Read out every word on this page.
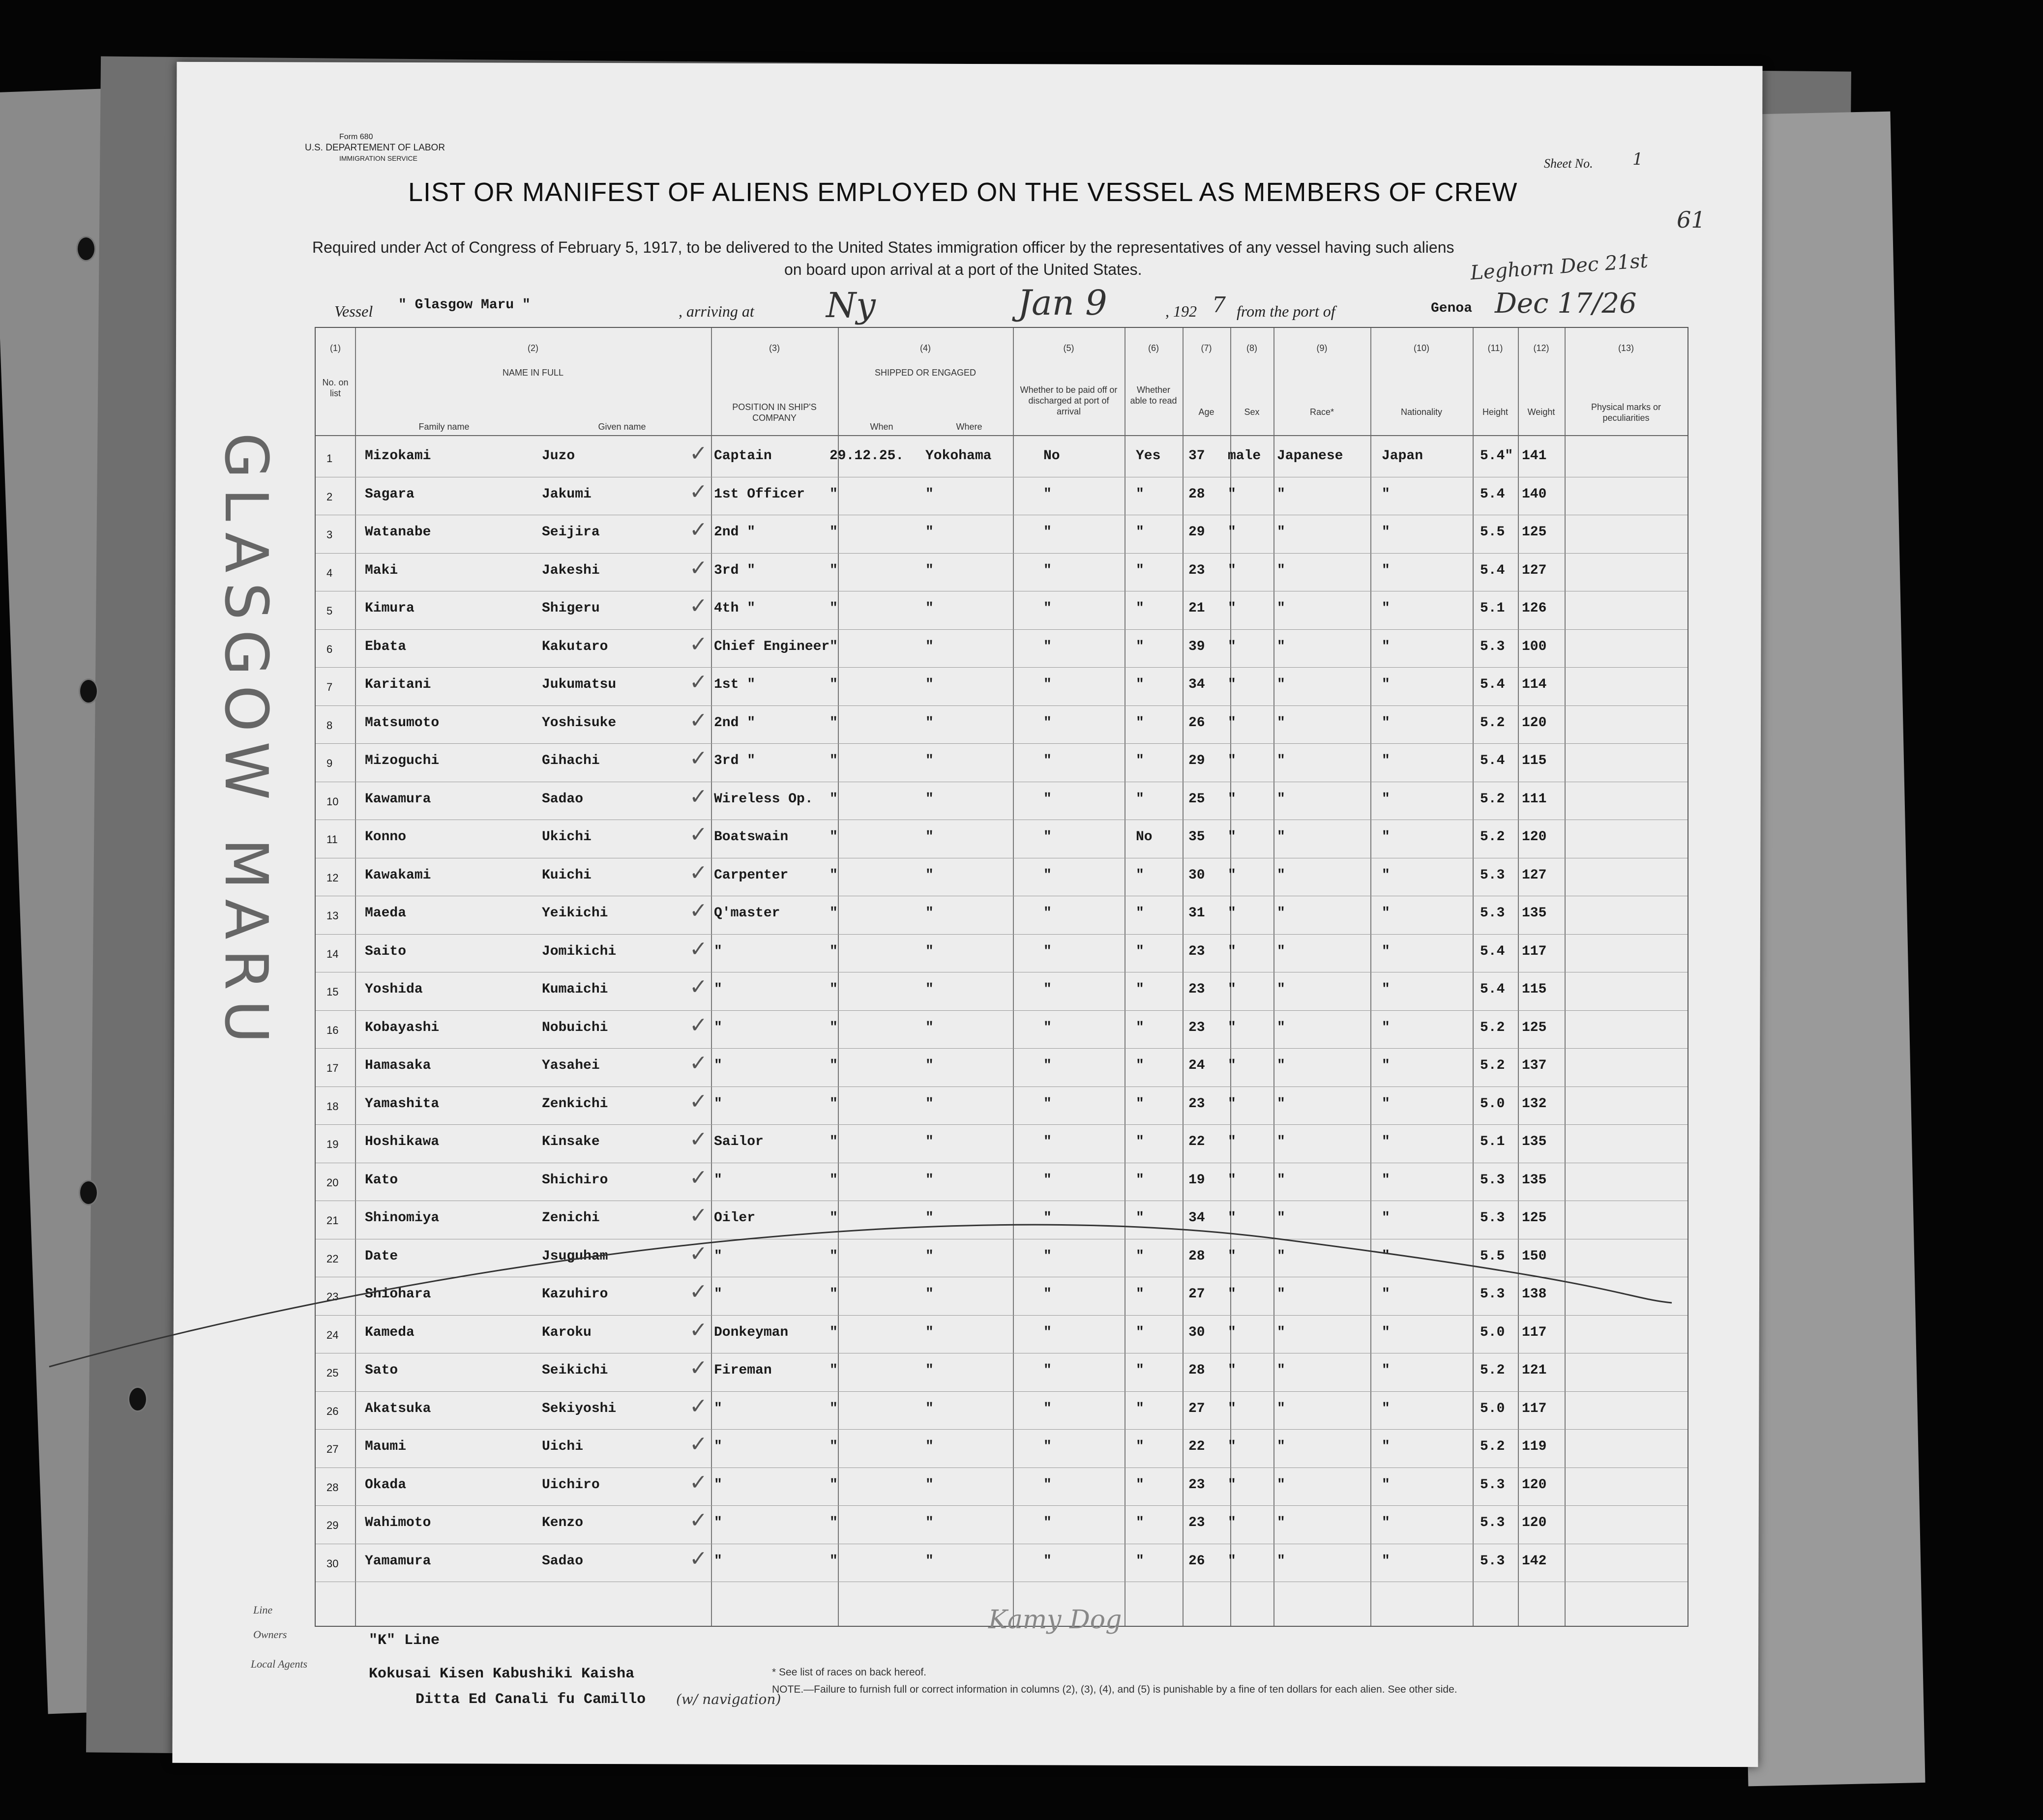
GLASGOW MARU
Form 680
U.S. DEPARTEMENT OF LABOR
IMMIGRATION SERVICE	Sheet No. 1
61
LIST OR MANIFEST OF ALIENS EMPLOYED ON THE VESSEL AS MEMBERS OF CREW
Required under Act of Congress of February 5, 1917, to be delivered to the United States immigration officer by the representatives of any vessel having such aliens
on board upon arrival at a port of the United States.
Vessel " Glasgow Maru "	, arriving at Ny	Jan 9	, 192 7 from the port of	Genoa Dec 17/26
Leghorn Dec 21st
(1)
No. on list
(2)
NAME IN FULL
Family name	Given name
(3)
POSITION IN SHIP'S COMPANY
(4)
SHIPPED OR ENGAGED
When	Where
(5)
Whether to be paid off or discharged at port of arrival
(6)
Whether able to read
(7)
Age
(8)
Sex
(9)
Race*
(10)
Nationality
(11)
Height
(12)
Weight
(13)
Physical marks or peculiarities
1 Mizokami	Juzo	Captain	29.12.25. Yokohama	No	Yes 37 male Japanese	Japan	5.4" 141
✓
2 Sagara	Jakumi	1st Officer "	"	"	"	28 "	"	"	5.4 140
✓
3 Watanabe	Seijira	2nd "	"	"	"	"	29 "	"	"	5.5 125
✓
4 Maki	Jakeshi	3rd "	"	"	"	"	23 "	"	"	5.4 127
✓
5 Kimura	Shigeru	4th "	"	"	"	"	21 "	"	"	5.1 126
✓
6 Ebata	Kakutaro	Chief Engineer "	"	"	"	39 "	"	"	5.3 100
✓
7 Karitani	Jukumatsu	1st "	"	"	"	"	34 "	"	"	5.4 114
✓
8 Matsumoto	Yoshisuke	2nd "	"	"	"	"	26 "	"	"	5.2 120
✓
9 Mizoguchi	Gihachi	3rd "	"	"	"	"	29 "	"	"	5.4 115
✓
10 Kawamura	Sadao	Wireless Op. "	"	"	"	25 "	"	"	5.2 111
✓
11 Konno	Ukichi	Boatswain	"	"	"	No	35 "	"	"	5.2 120
✓
12 Kawakami	Kuichi	Carpenter	"	"	"	"	30 "	"	"	5.3 127
✓
13 Maeda	Yeikichi	Q'master	"	"	"	"	31 "	"	"	5.3 135
✓
14 Saito	Jomikichi	"	"	"	"	"	23 "	"	"	5.4 117
✓
15 Yoshida	Kumaichi	"	"	"	"	"	23 "	"	"	5.4 115
✓
16 Kobayashi	Nobuichi	"	"	"	"	"	23 "	"	"	5.2 125
✓
17 Hamasaka	Yasahei	"	"	"	"	"	24 "	"	"	5.2 137
✓
18 Yamashita	Zenkichi	"	"	"	"	"	23 "	"	"	5.0 132
✓
19 Hoshikawa	Kinsake	Sailor	"	"	"	"	22 "	"	"	5.1 135
✓
20 Kato	Shichiro	"	"	"	"	"	19 "	"	"	5.3 135
✓
21 Shinomiya	Zenichi	Oiler	"	"	"	"	34 "	"	"	5.3 125
✓
22 Date	Jsuguham	"	"	"	"	"	28 "	"	"	5.5 150
✓
23 Shiohara	Kazuhiro	"	"	"	"	"	27 "	"	"	5.3 138
✓
24 Kameda	Karoku	Donkeyman	"	"	"	"	30 "	"	"	5.0 117
✓
25 Sato	Seikichi	Fireman	"	"	"	"	28 "	"	"	5.2 121
✓
26 Akatsuka	Sekiyoshi	"	"	"	"	"	27 "	"	"	5.0 117
✓
27 Maumi	Uichi	"	"	"	"	"	22 "	"	"	5.2 119
✓
28 Okada	Uichiro	"	"	"	"	"	23 "	"	"	5.3 120
✓
29 Wahimoto	Kenzo	"	"	"	"	"	23 "	"	"	5.3 120
✓
30 Yamamura	Sadao	"	"	"	"	"	26 "	"	"	5.3 142
✓
Line
"K" Line
Owners
Kokusai Kisen Kabushiki Kaisha
Local Agents
Ditta Ed Canali fu Camillo (w/ navigation)
Kamy Dog
* See list of races on back hereof.
NOTE.—Failure to furnish full or correct information in columns (2), (3), (4), and (5) is punishable by a fine of ten dollars for each alien. See other side.
